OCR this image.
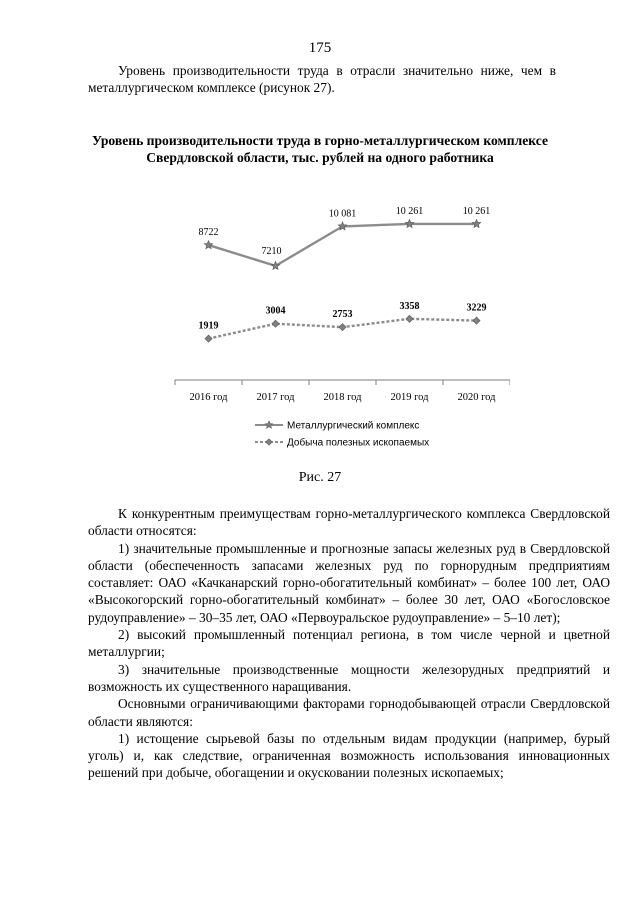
175

Уровень производительности труда в отрасли значительно ниже, чем в металлургическом комплексе (рисунок 27).

Уровень производительности труда в горно-металлургическом комплексе Свердловской области, тыс. рублей на одного работника
2016 год	2017 год	2018 год	2019 год	2020 год
8722
7210
10 081	10 261	10 261
1919
3004	2753
3358	3229
Металлургический комплекс
Добыча полезных ископаемых
Рис. 27

К конкурентным преимуществам горно-металлургического комплекса Свердловской области относятся:

1) значительные промышленные и прогнозные запасы железных руд в Свердловской области (обеспеченность запасами железных руд по горнорудным предприятиям составляет: ОАО «Качканарский горно-обогатительный комбинат» – более 100 лет, ОАО «Высокогорский горно-обогатительный комбинат» – более 30 лет, ОАО «Богословское рудоуправление» – 30–35 лет, ОАО «Первоуральское рудоуправление» – 5–10 лет);

2) высокий промышленный потенциал региона, в том числе черной и цветной металлургии;

3) значительные производственные мощности железорудных предприятий и возможность их существенного наращивания.

Основными ограничивающими факторами горнодобывающей отрасли Свердловской области являются:

1) истощение сырьевой базы по отдельным видам продукции (например, бурый уголь) и, как следствие, ограниченная возможность использования инновационных решений при добыче, обогащении и окусковании полезных ископаемых;
